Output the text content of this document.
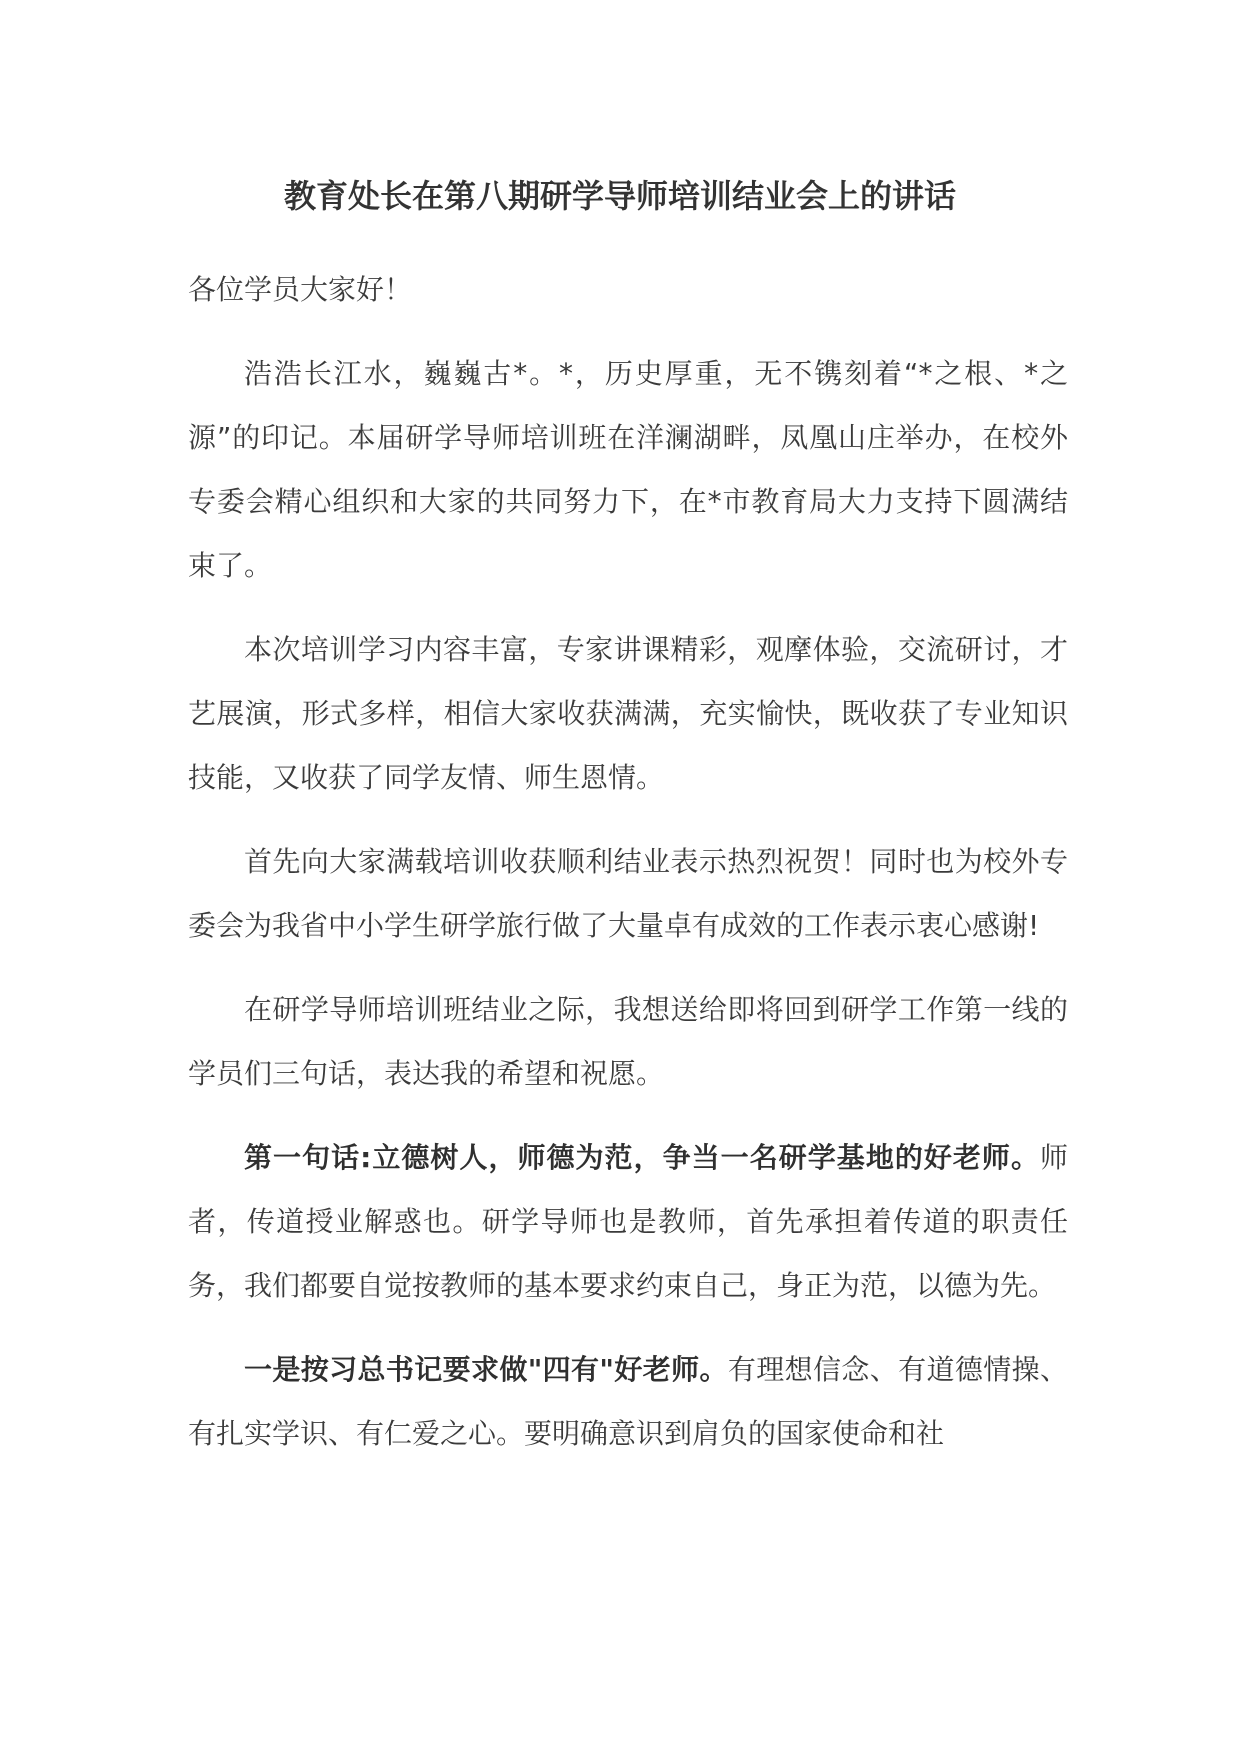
教育处长在第八期研学导师培训结业会上的讲话

各位学员大家好！

浩浩长江水，巍巍古*。*，历史厚重，无不镌刻着“*之根、*之源”的印记。本届研学导师培训班在洋澜湖畔，凤凰山庄举办，在校外专委会精心组织和大家的共同努力下，在*市教育局大力支持下圆满结束了。

本次培训学习内容丰富，专家讲课精彩，观摩体验，交流研讨，才艺展演，形式多样，相信大家收获满满，充实愉快，既收获了专业知识技能，又收获了同学友情、师生恩情。

首先向大家满载培训收获顺利结业表示热烈祝贺！同时也为校外专委会为我省中小学生研学旅行做了大量卓有成效的工作表示衷心感谢!

在研学导师培训班结业之际，我想送给即将回到研学工作第一线的学员们三句话，表达我的希望和祝愿。

第一句话:立德树人，师德为范，争当一名研学基地的好老师。师者，传道授业解惑也。研学导师也是教师，首先承担着传道的职责任务，我们都要自觉按教师的基本要求约束自己，身正为范，以德为先。

一是按习总书记要求做"四有"好老师。有理想信念、有道德情操、有扎实学识、有仁爱之心。要明确意识到肩负的国家使命和社
